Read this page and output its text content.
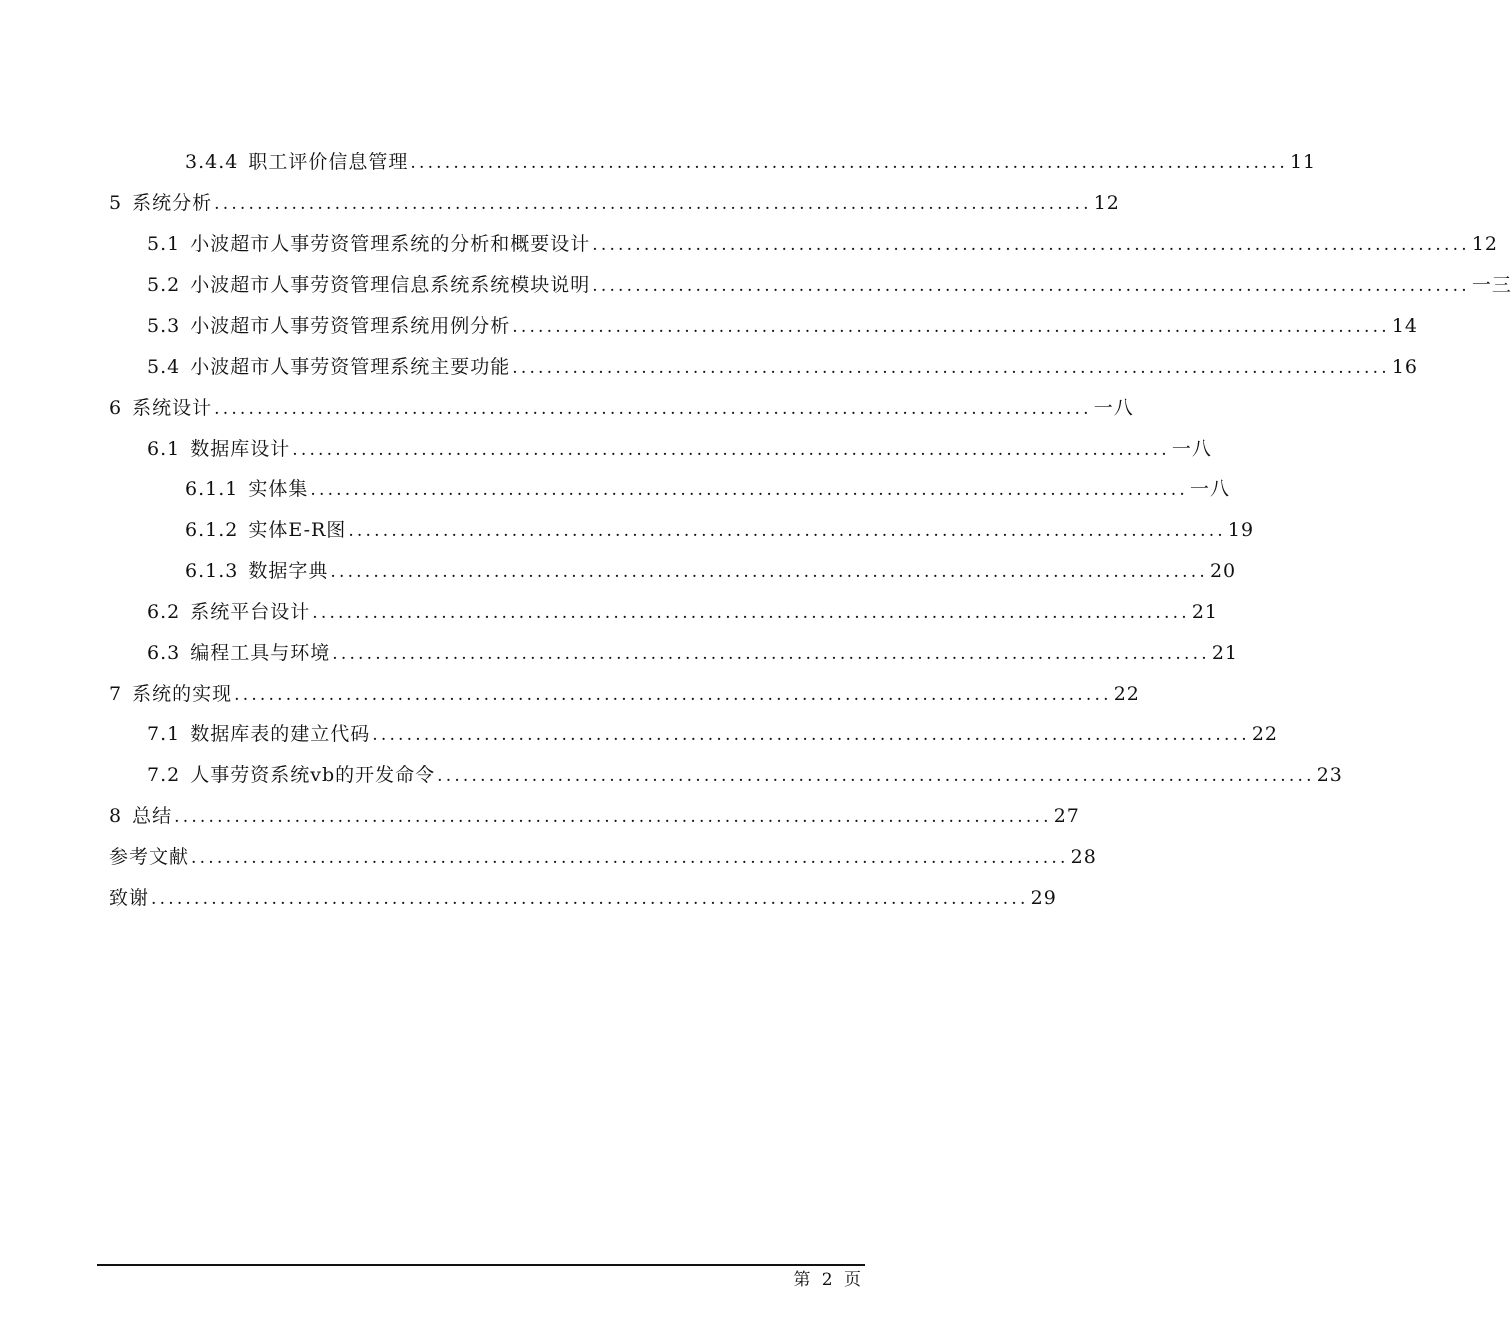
3.4.4 职工评价信息管理 ...................................................................................................... 11
5 系统分析 ...................................................................................................... 12
5.1 小波超市人事劳资管理系统的分析和概要设计 ...................................................................................................... 12
5.2 小波超市人事劳资管理信息系统系统模块说明 ...................................................................................................... 一三
5.3 小波超市人事劳资管理系统用例分析 ...................................................................................................... 14
5.4 小波超市人事劳资管理系统主要功能 ...................................................................................................... 16
6 系统设计 ...................................................................................................... 一八
6.1 数据库设计 ...................................................................................................... 一八
6.1.1 实体集 ...................................................................................................... 一八
6.1.2 实体E-R图 ...................................................................................................... 19
6.1.3 数据字典 ...................................................................................................... 20
6.2 系统平台设计 ...................................................................................................... 21
6.3 编程工具与环境 ...................................................................................................... 21
7 系统的实现 ...................................................................................................... 22
7.1 数据库表的建立代码 ...................................................................................................... 22
7.2 人事劳资系统vb的开发命令 ...................................................................................................... 23
8 总结 ...................................................................................................... 27
参考文献 ...................................................................................................... 28
致谢 ...................................................................................................... 29
第 2 页
